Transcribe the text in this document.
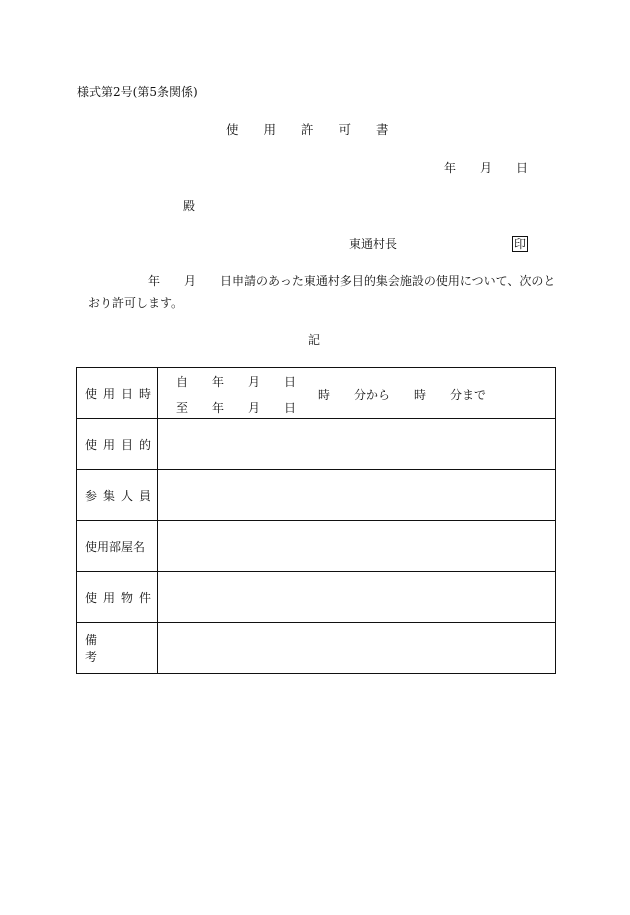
様式第2号(第5条関係)
使　　用　　許　　可　　書
年 月 日
殿
東通村長	印
年 月 日申請のあった東通村多目的集会施設の使用について、次のと
おり許可します。
記
使用日時	自 年 月 日
至 年 月 日
時 分から 時 分まで

使用目的	
参集人員	
使用部屋名	
使用物件	
備考	
